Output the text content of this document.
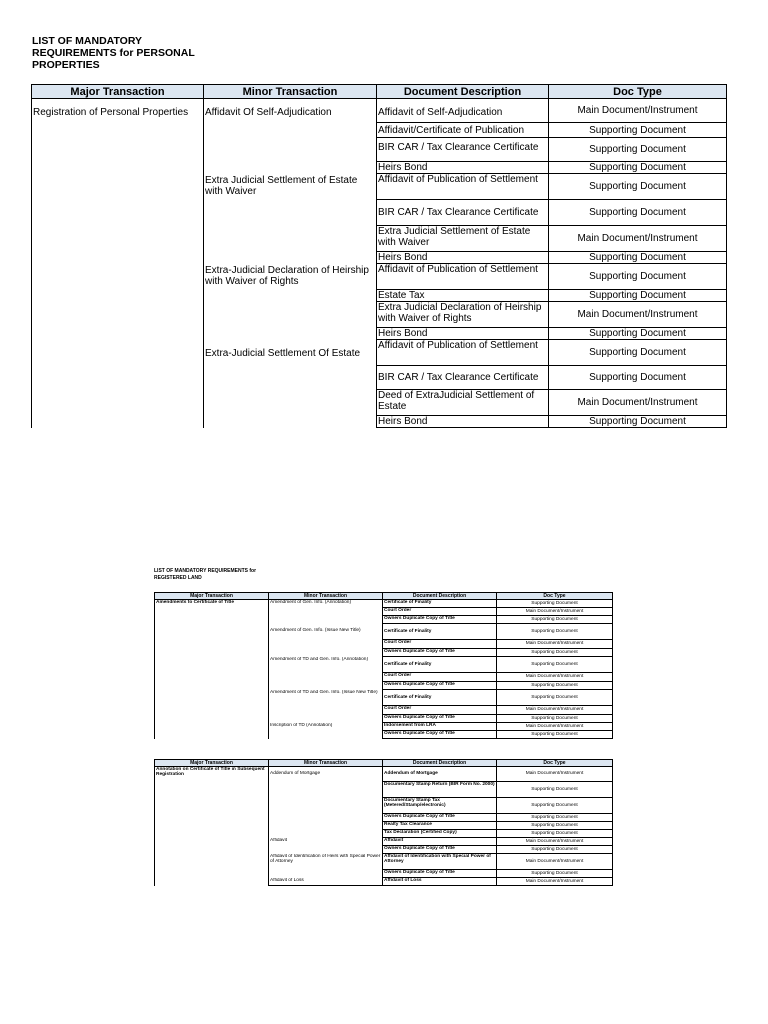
LIST OF MANDATORY REQUIREMENTS for PERSONAL PROPERTIES
Major Transaction	Minor Transaction	Document Description	Doc Type
Registration of Personal Properties	Affidavit Of Self-Adjudication	Affidavit of Self-Adjudication	Main Document/Instrument
		Affidavit/Certificate of Publication	Supporting Document
		BIR CAR / Tax Clearance Certificate	Supporting Document
		Heirs Bond	Supporting Document
	Extra Judicial Settlement of Estate with Waiver	Affidavit of Publication of Settlement	Supporting Document
		BIR CAR / Tax Clearance Certificate	Supporting Document
		Extra Judicial Settlement of Estate with Waiver	Main Document/Instrument
		Heirs Bond	Supporting Document
	Extra-Judicial Declaration of Heirship with Waiver of Rights	Affidavit of Publication of Settlement	Supporting Document
		Estate Tax	Supporting Document
		Extra Judicial Declaration of Heirship with Waiver of Rights	Main Document/Instrument
		Heirs Bond	Supporting Document
	Extra-Judicial Settlement Of Estate	Affidavit of Publication of Settlement	Supporting Document
		BIR CAR / Tax Clearance Certificate	Supporting Document
		Deed of ExtraJudicial Settlement of Estate	Main Document/Instrument
		Heirs Bond	Supporting Document
LIST OF MANDATORY REQUIREMENTS for REGISTERED LAND
Major Transaction	Minor Transaction	Document Description	Doc Type
Amendments to Certificate of Title	Amendment of Gen. Info. (Annotation)	Certificate of Finality	Supporting Document
		Court Order	Main Document/Instrument
		Owners Duplicate Copy of Title	Supporting Document
	Amendment of Gen. Info. (Issue New Title)	Certificate of Finality	Supporting Document
		Court Order	Main Document/Instrument
		Owners Duplicate Copy of Title	Supporting Document
	Amendment of TD and Gen. Info. (Annotation)	Certificate of Finality	Supporting Document
		Court Order	Main Document/Instrument
		Owners Duplicate Copy of Title	Supporting Document
	Amendment of TD and Gen. Info. (Issue New Title)	Certificate of Finality	Supporting Document
		Court Order	Main Document/Instrument
		Owners Duplicate Copy of Title	Supporting Document
	Inscription of TD (Annotation)	Indorsement from LRA	Main Document/Instrument
		Owners Duplicate Copy of Title	Supporting Document
Major Transaction	Minor Transaction	Document Description	Doc Type
Annotation on Certificate of Title in Subsequent Registration	Addendum of Mortgage	Addendum of Mortgage	Main Document/Instrument
		Documentary Stamp Return (BIR Form No. 2000)	Supporting Document
		Documentary Stamp Tax (Metered/Stamp/electronic)	Supporting Document
		Owners Duplicate Copy of Title	Supporting Document
		Realty Tax Clearance	Supporting Document
		Tax Declaration (Certified Copy)	Supporting Document
	Affidavit	Affidavit	Main Document/Instrument
		Owners Duplicate Copy of Title	Supporting Document
	Affidavit of Identification of Heirs with Special Power of Attorney	Affidavit of Identification with Special Power of Attorney	Main Document/Instrument
		Owners Duplicate Copy of Title	Supporting Document
	Affidavit of Loss	Affidavit of Loss	Main Document/Instrument
